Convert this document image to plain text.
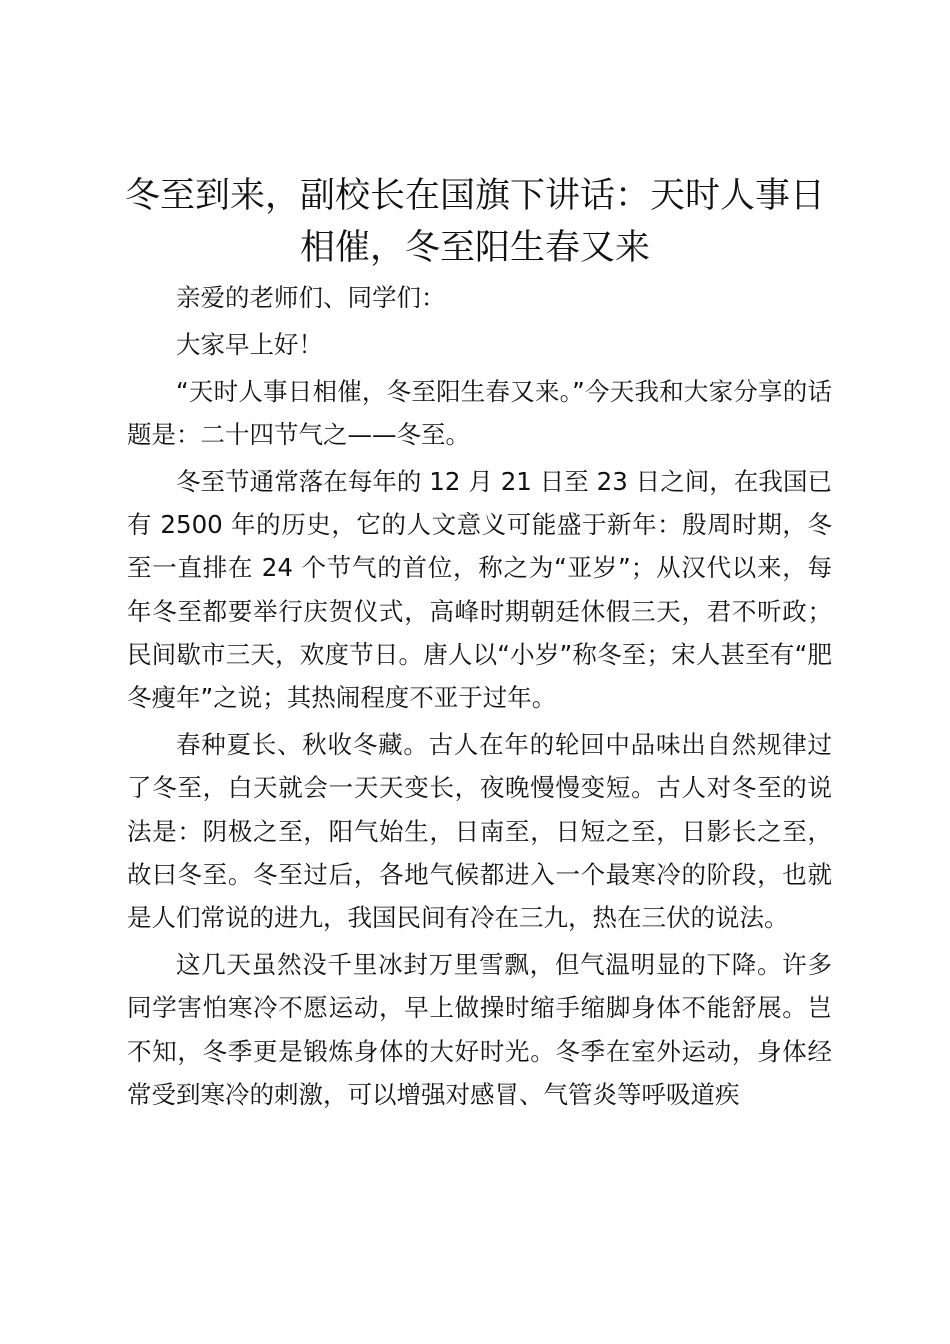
冬至到来，副校长在国旗下讲话：天时人事日相催，冬至阳生春又来

亲爱的老师们、同学们：

大家早上好！

“天时人事日相催，冬至阳生春又来。”今天我和大家分享的话题是：二十四节气之——冬至。

冬至节通常落在每年的 12 月 21 日至 23 日之间，在我国已有 2500 年的历史，它的人文意义可能盛于新年：殷周时期，冬至一直排在 24 个节气的首位，称之为“亚岁”；从汉代以来，每年冬至都要举行庆贺仪式，高峰时期朝廷休假三天，君不听政；民间歇市三天，欢度节日。唐人以“小岁”称冬至；宋人甚至有“肥冬瘦年”之说；其热闹程度不亚于过年。

春种夏长、秋收冬藏。古人在年的轮回中品味出自然规律过了冬至，白天就会一天天变长，夜晚慢慢变短。古人对冬至的说法是：阴极之至，阳气始生，日南至，日短之至，日影长之至，故曰冬至。冬至过后，各地气候都进入一个最寒冷的阶段，也就是人们常说的进九，我国民间有冷在三九，热在三伏的说法。

这几天虽然没千里冰封万里雪飘，但气温明显的下降。许多同学害怕寒冷不愿运动，早上做操时缩手缩脚身体不能舒展。岂不知，冬季更是锻炼身体的大好时光。冬季在室外运动，身体经常受到寒冷的刺激，可以增强对感冒、气管炎等呼吸道疾
